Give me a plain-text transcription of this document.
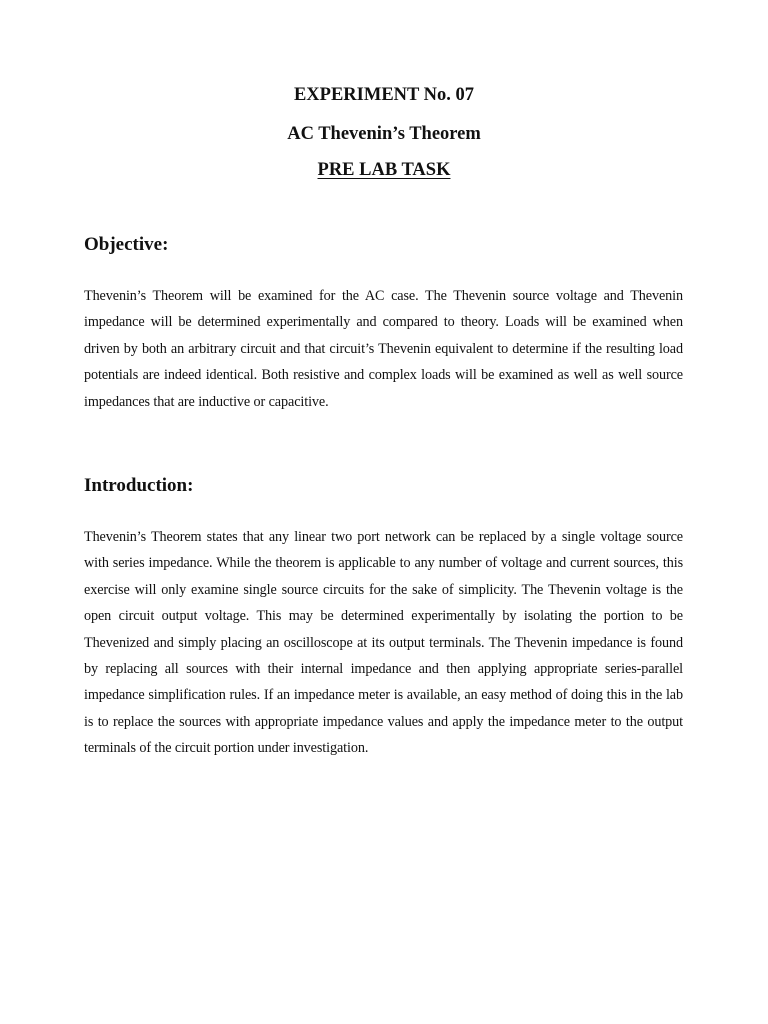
EXPERIMENT No. 07
AC Thevenin’s Theorem
PRE LAB TASK
Objective:

Thevenin’s Theorem will be examined for the AC case. The Thevenin source voltage and Thevenin impedance will be determined experimentally and compared to theory. Loads will be examined when driven by both an arbitrary circuit and that circuit’s Thevenin equivalent to determine if the resulting load potentials are indeed identical. Both resistive and complex loads will be examined as well as well source impedances that are inductive or capacitive.

Introduction:

Thevenin’s Theorem states that any linear two port network can be replaced by a single voltage source with series impedance. While the theorem is applicable to any number of voltage and current sources, this exercise will only examine single source circuits for the sake of simplicity. The Thevenin voltage is the open circuit output voltage. This may be determined experimentally by isolating the portion to be Thevenized and simply placing an oscilloscope at its output terminals. The Thevenin impedance is found by replacing all sources with their internal impedance and then applying appropriate series-parallel impedance simplification rules. If an impedance meter is available, an easy method of doing this in the lab is to replace the sources with appropriate impedance values and apply the impedance meter to the output terminals of the circuit portion under investigation.
